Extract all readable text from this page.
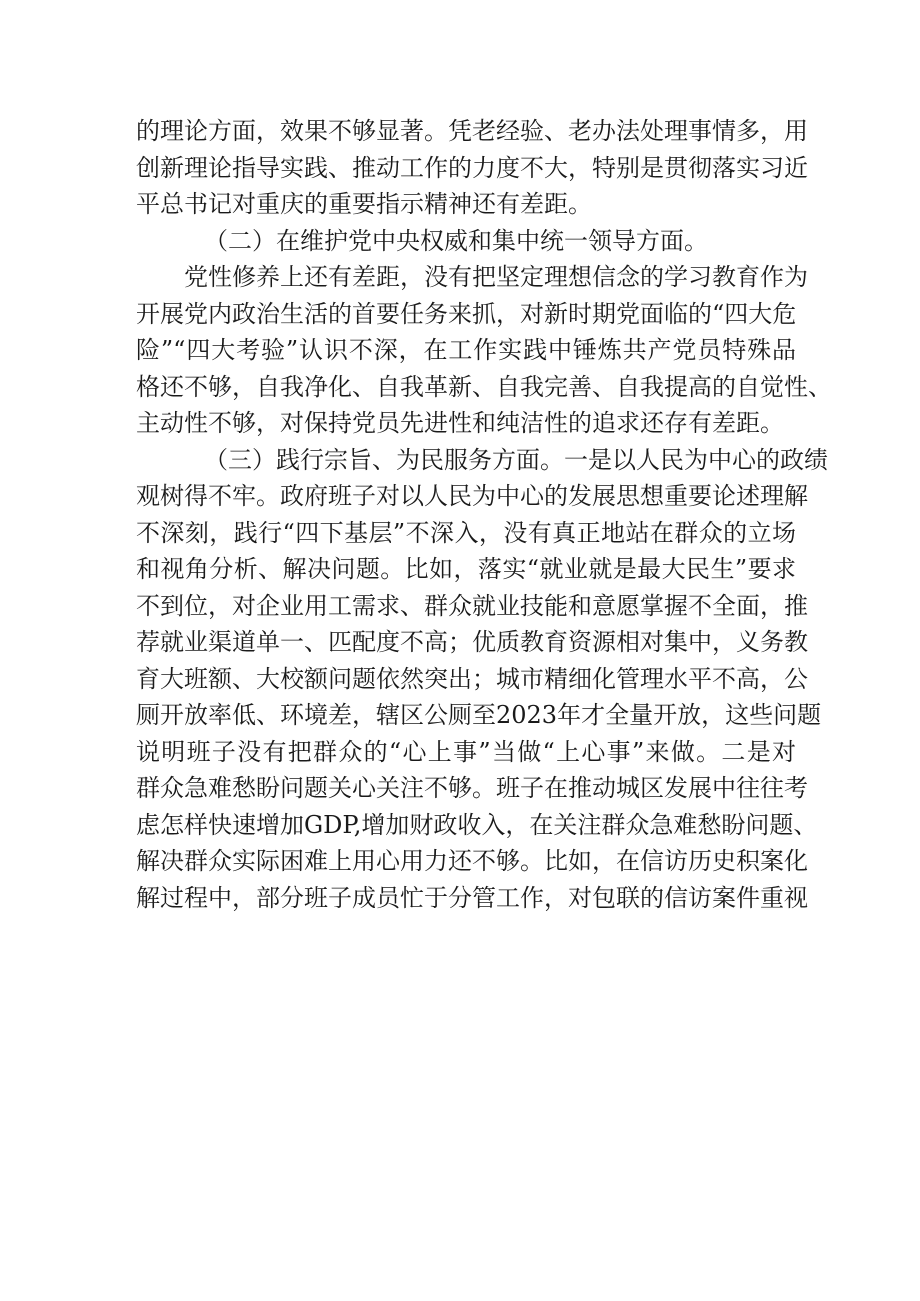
的理论方面，效果不够显著。凭老经验、老办法处理事情多，用
创新理论指导实践、推动工作的力度不大，特别是贯彻落实习近
平总书记对重庆的重要指示精神还有差距。
（二）在维护党中央权威和集中统一领导方面。
党性修养上还有差距，没有把坚定理想信念的学习教育作为
开展党内政治生活的首要任务来抓，对新时期党面临的“四大危
险”“四大考验”认识不深，在工作实践中锤炼共产党员特殊品
格还不够，自我净化、自我革新、自我完善、自我提高的自觉性、
主动性不够，对保持党员先进性和纯洁性的追求还存有差距。
（三）践行宗旨、为民服务方面。一是以人民为中心的政绩
观树得不牢。政府班子对以人民为中心的发展思想重要论述理解
不深刻，践行“四下基层”不深入，没有真正地站在群众的立场
和视角分析、解决问题。比如，落实“就业就是最大民生”要求
不到位，对企业用工需求、群众就业技能和意愿掌握不全面，推
荐就业渠道单一、匹配度不高；优质教育资源相对集中，义务教
育大班额、大校额问题依然突出；城市精细化管理水平不高，公
厕开放率低、环境差，辖区公厕至2023年才全量开放，这些问题
说明班子没有把群众的“心上事”当做“上心事”来做。二是对
群众急难愁盼问题关心关注不够。班子在推动城区发展中往往考
虑怎样快速增加GDP,增加财政收入，在关注群众急难愁盼问题、
解决群众实际困难上用心用力还不够。比如，在信访历史积案化
解过程中，部分班子成员忙于分管工作，对包联的信访案件重视
